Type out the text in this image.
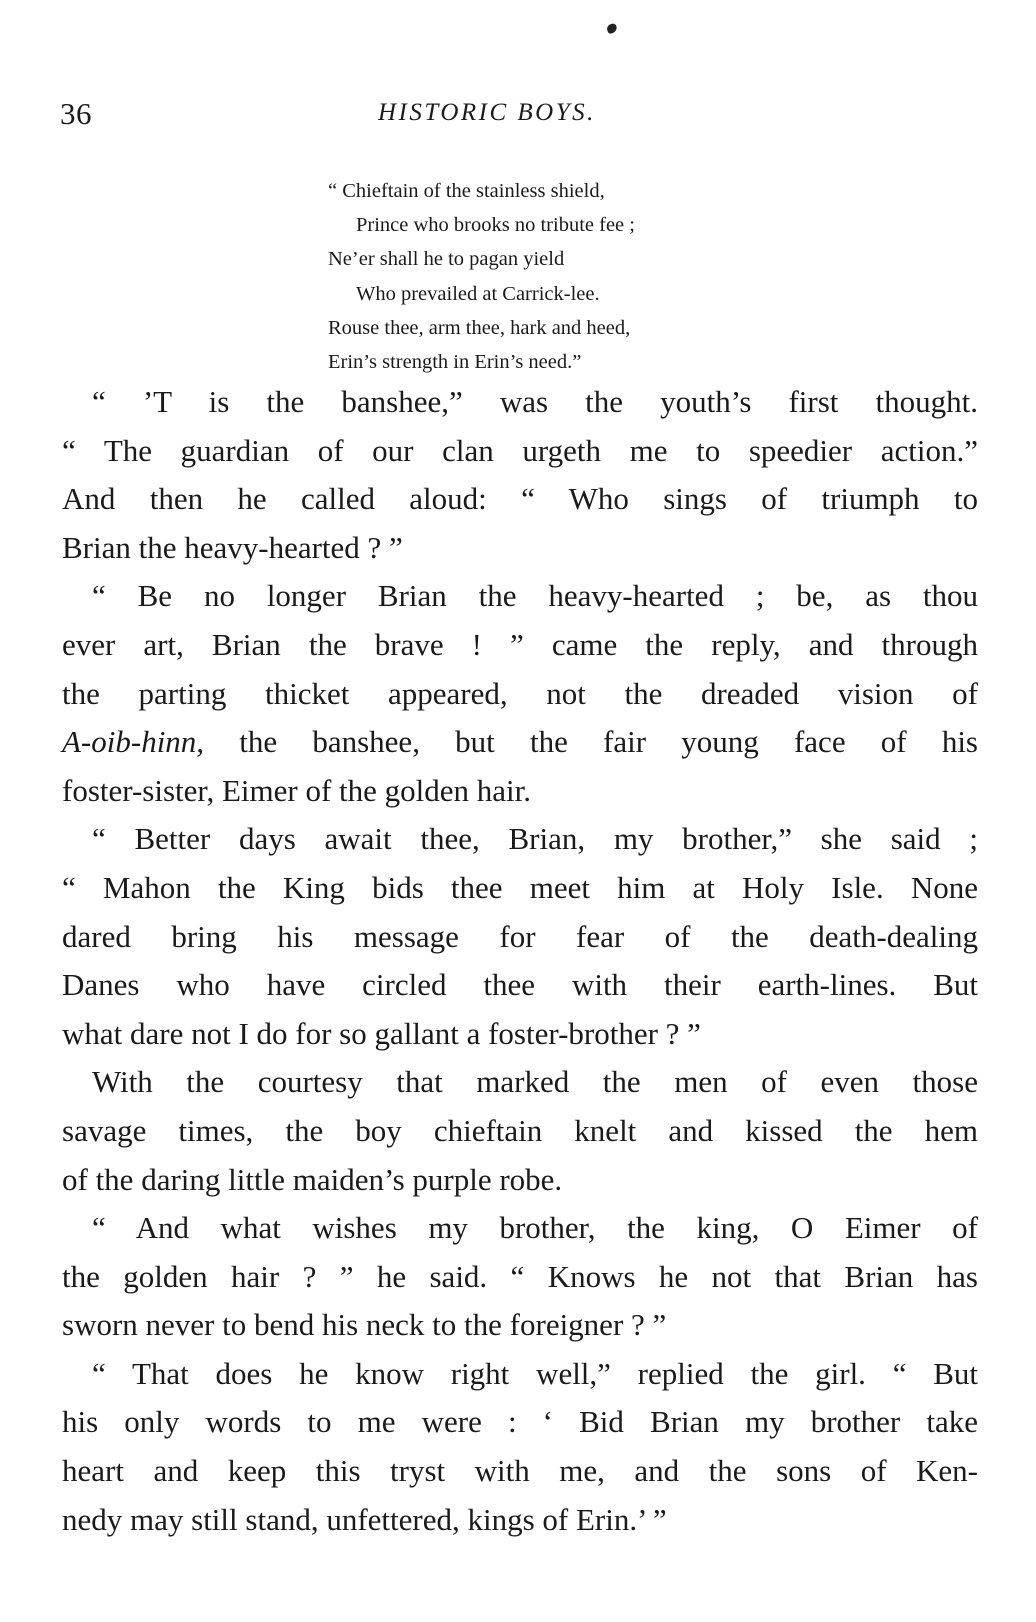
36	HISTORIC BOYS.
“ Chieftain of the stainless shield,
Prince who brooks no tribute fee ;
Ne’er shall he to pagan yield
Who prevailed at Carrick-lee.
Rouse thee, arm thee, hark and heed,
Erin’s strength in Erin’s need.”
“ ’T is the banshee,” was the youth’s first thought.
“ The guardian of our clan urgeth me to speedier action.”
And then he called aloud: “ Who sings of triumph to
Brian the heavy-hearted ? ”
“ Be no longer Brian the heavy-hearted ; be, as thou
ever art, Brian the brave ! ” came the reply, and through
the parting thicket appeared, not the dreaded vision of
A-oib-hinn, the banshee, but the fair young face of his
foster-sister, Eimer of the golden hair.
“ Better days await thee, Brian, my brother,” she said ;
“ Mahon the King bids thee meet him at Holy Isle. None
dared bring his message for fear of the death-dealing
Danes who have circled thee with their earth-lines. But
what dare not I do for so gallant a foster-brother ? ”
With the courtesy that marked the men of even those
savage times, the boy chieftain knelt and kissed the hem
of the daring little maiden’s purple robe.
“ And what wishes my brother, the king, O Eimer of
the golden hair ? ” he said. “ Knows he not that Brian has
sworn never to bend his neck to the foreigner ? ”
“ That does he know right well,” replied the girl. “ But
his only words to me were : ‘ Bid Brian my brother take
heart and keep this tryst with me, and the sons of Ken-
nedy may still stand, unfettered, kings of Erin.’ ”
